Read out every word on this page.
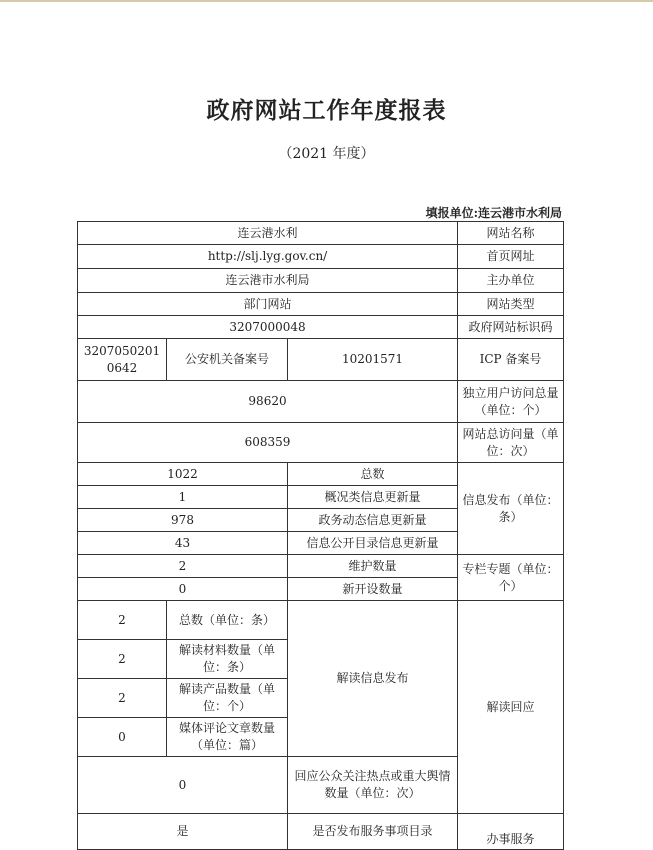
政府网站工作年度报表
（2021 年度）
填报单位:连云港市水利局
连云港水利			网站名称
http://slj.lyg.gov.cn/			首页网址
连云港市水利局			主办单位
部门网站			网站类型
3207000048			政府网站标识码
32070502010642	公安机关备案号	10201571	ICP 备案号
98620			独立用户访问总量（单位：个）
608359			网站总访问量（单位：次）
1022		总数	信息发布（单位：条）
1		概况类信息更新量	
978		政务动态信息更新量	
43		信息公开目录信息更新量	
2		维护数量	专栏专题（单位：个）
0		新开设数量	
2	总数（单位：条）	解读信息发布	解读回应
2	解读材料数量（单位：条）		
2	解读产品数量（单位：个）		
0	媒体评论文章数量（单位：篇）		
0		回应公众关注热点或重大舆情数量（单位：次）	
是		是否发布服务事项目录	办事服务
